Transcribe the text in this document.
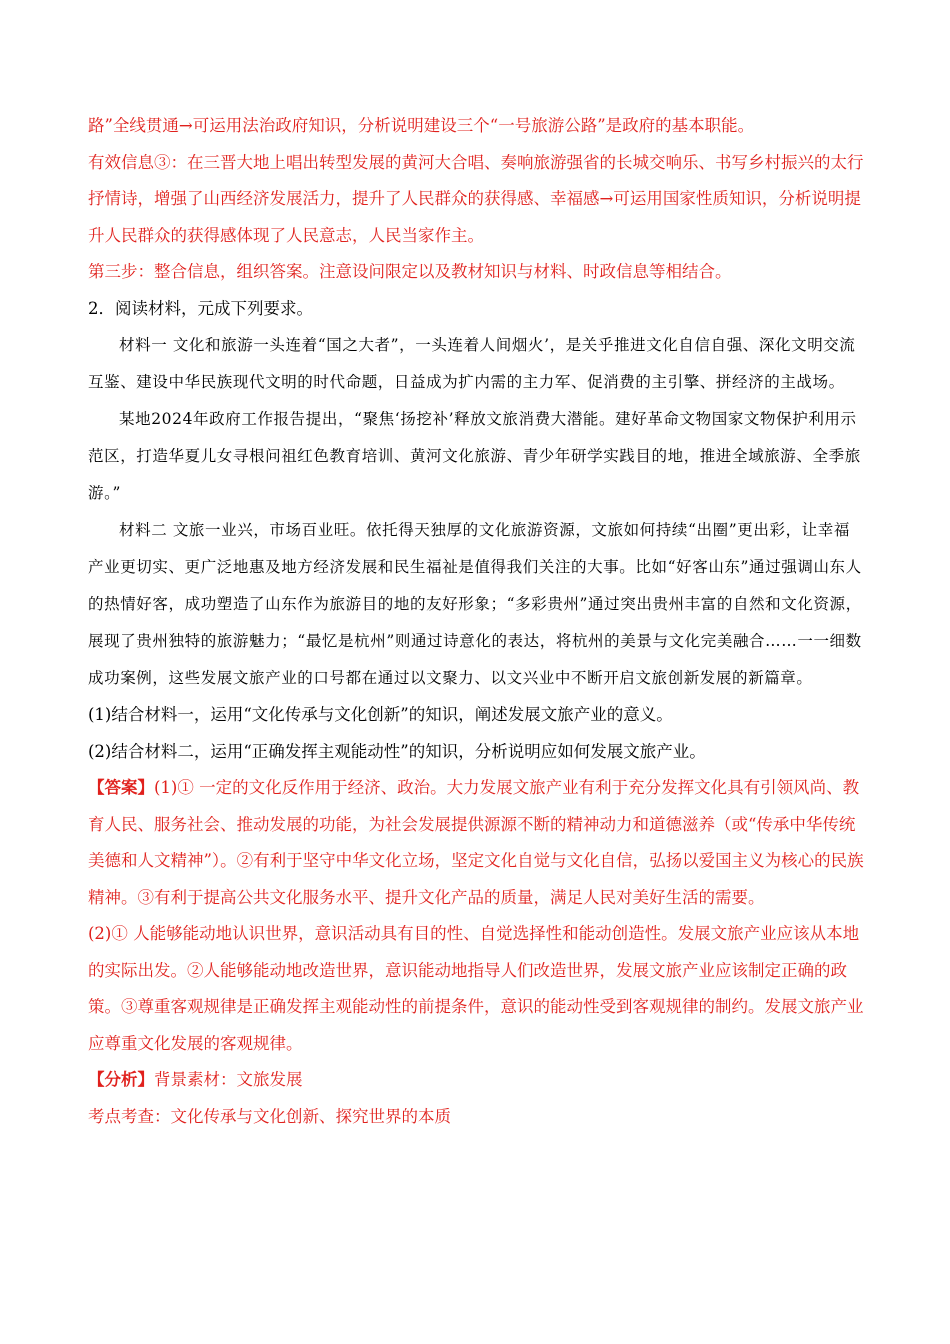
路”全线贯通→可运用法治政府知识，分析说明建设三个“一号旅游公路”是政府的基本职能。

有效信息③：在三晋大地上唱出转型发展的黄河大合唱、奏响旅游强省的长城交响乐、书写乡村振兴的太行抒情诗，增强了山西经济发展活力，提升了人民群众的获得感、幸福感→可运用国家性质知识，分析说明提升人民群众的获得感体现了人民意志，人民当家作主。

第三步：整合信息，组织答案。注意设问限定以及教材知识与材料、时政信息等相结合。

2．阅读材料，元成下列要求。

材料一 文化和旅游一头连着“国之大者”，一头连着人间烟火’，是关乎推进文化自信自强、深化文明交流互鉴、建设中华民族现代文明的时代命题，日益成为扩内需的主力军、促消费的主引擎、拼经济的主战场。

某地2024年政府工作报告提出，“聚焦‘扬挖补’释放文旅消费大潜能。建好革命文物国家文物保护利用示范区，打造华夏儿女寻根问祖红色教育培训、黄河文化旅游、青少年研学实践目的地，推进全域旅游、全季旅游。”

材料二 文旅一业兴，市场百业旺。依托得天独厚的文化旅游资源，文旅如何持续“出圈”更出彩，让幸福产业更切实、更广泛地惠及地方经济发展和民生福祉是值得我们关注的大事。比如“好客山东”通过强调山东人的热情好客，成功塑造了山东作为旅游目的地的友好形象；“多彩贵州”通过突出贵州丰富的自然和文化资源，展现了贵州独特的旅游魅力；“最忆是杭州”则通过诗意化的表达，将杭州的美景与文化完美融合……一一细数成功案例，这些发展文旅产业的口号都在通过以文聚力、以文兴业中不断开启文旅创新发展的新篇章。

(1)结合材料一，运用“文化传承与文化创新”的知识，阐述发展文旅产业的意义。

(2)结合材料二，运用“正确发挥主观能动性”的知识，分析说明应如何发展文旅产业。

【答案】(1)① 一定的文化反作用于经济、政治。大力发展文旅产业有利于充分发挥文化具有引领风尚、教育人民、服务社会、推动发展的功能，为社会发展提供源源不断的精神动力和道德滋养（或“传承中华传统美德和人文精神”）。②有利于坚守中华文化立场，坚定文化自觉与文化自信，弘扬以爱国主义为核心的民族精神。③有利于提高公共文化服务水平、提升文化产品的质量，满足人民对美好生活的需要。

(2)① 人能够能动地认识世界，意识活动具有目的性、自觉选择性和能动创造性。发展文旅产业应该从本地的实际出发。②人能够能动地改造世界，意识能动地指导人们改造世界，发展文旅产业应该制定正确的政策。③尊重客观规律是正确发挥主观能动性的前提条件，意识的能动性受到客观规律的制约。发展文旅产业应尊重文化发展的客观规律。

【分析】背景素材：文旅发展

考点考查：文化传承与文化创新、探究世界的本质
